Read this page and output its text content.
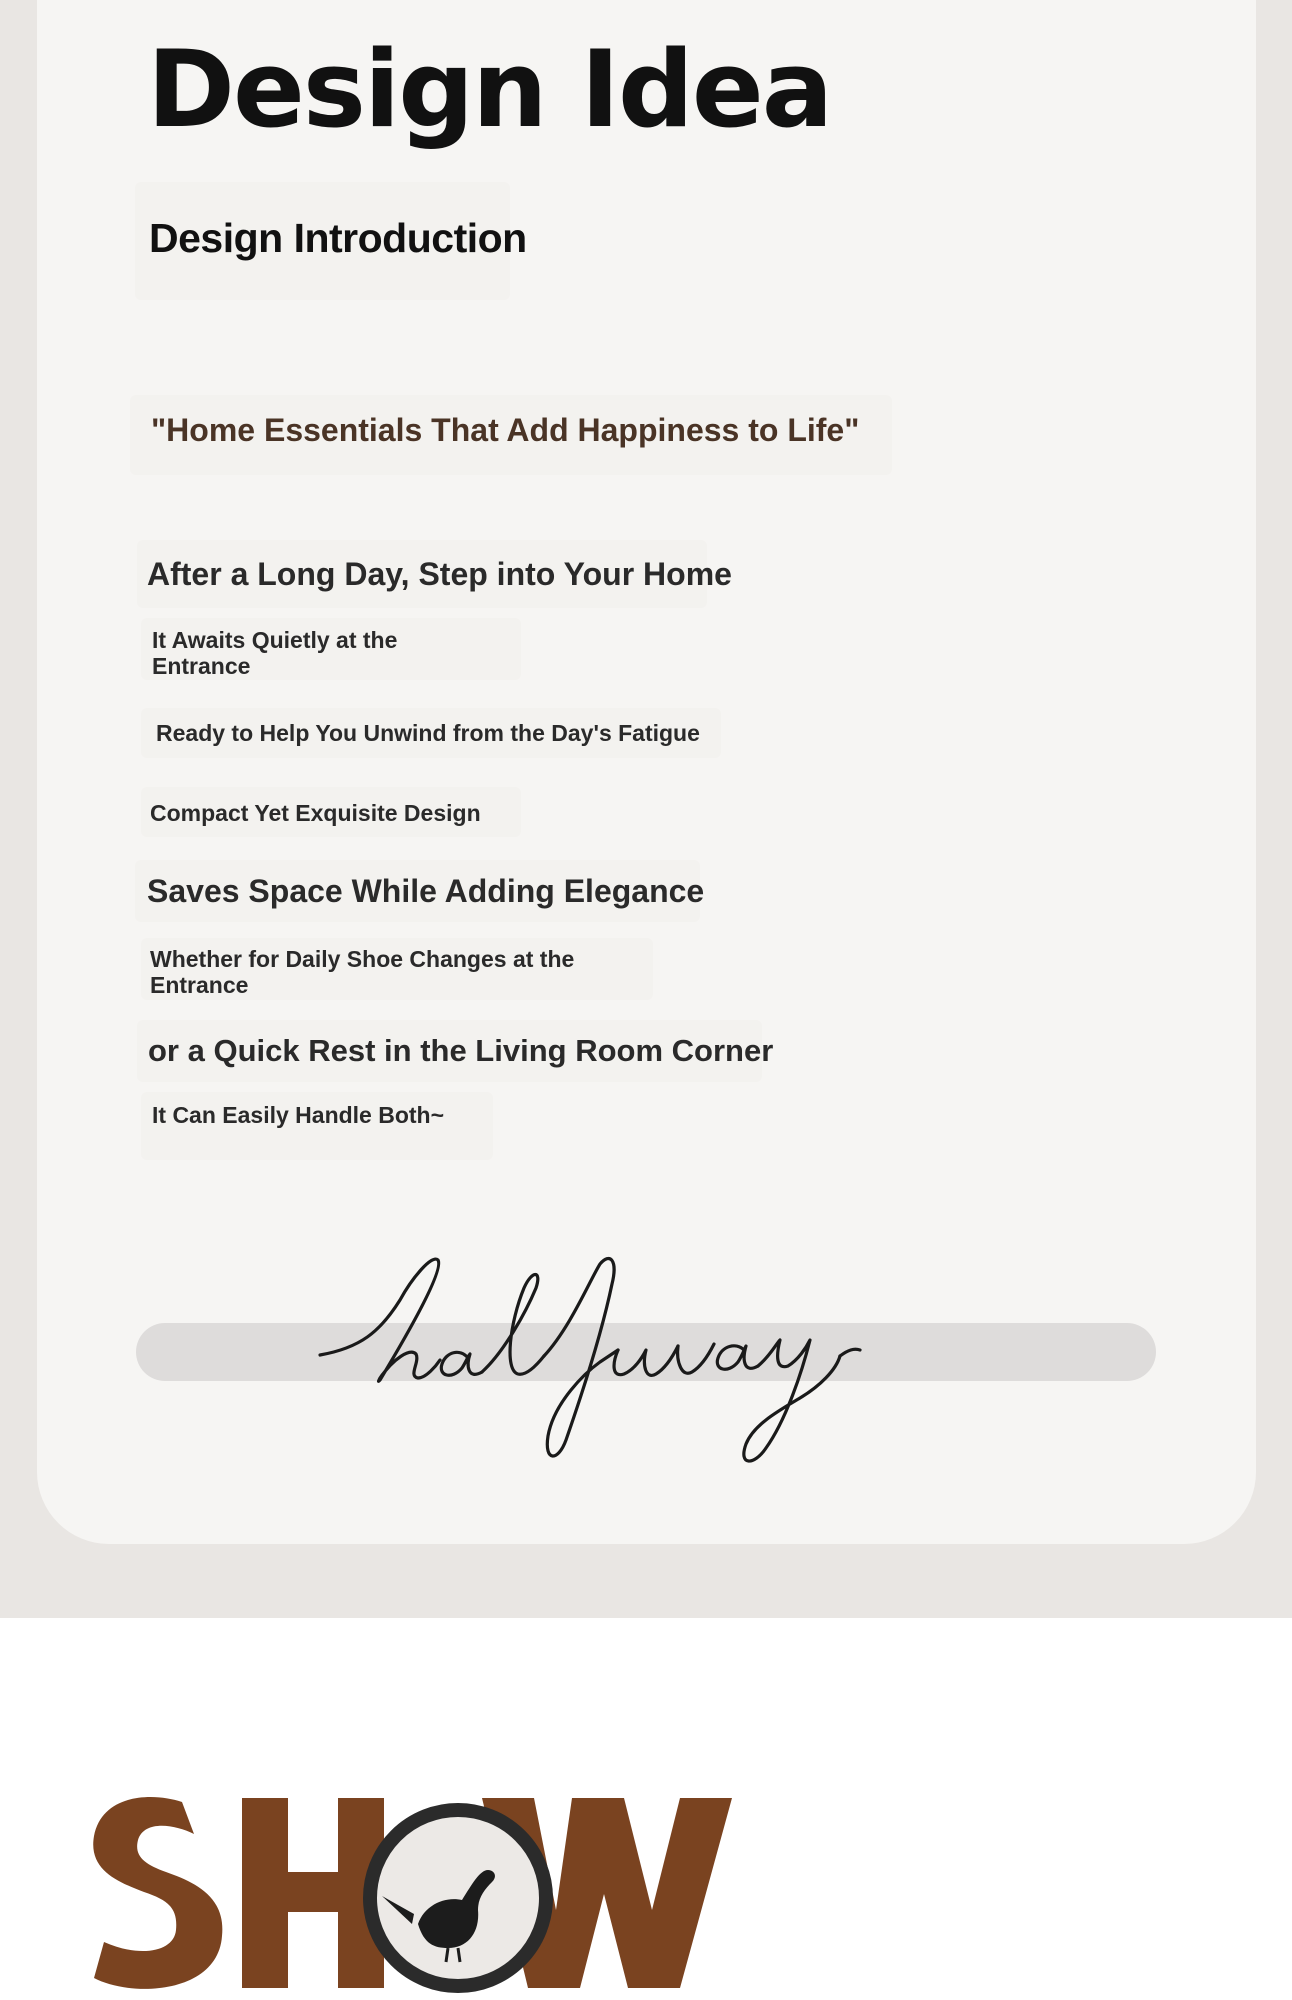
Design Idea
Design Introduction

"Home Essentials That Add Happiness to Life"

After a Long Day, Step into Your Home

It Awaits Quietly at the Entrance

Ready to Help You Unwind from the Day's Fatigue

Compact Yet Exquisite Design

Saves Space While Adding Elegance

Whether for Daily Shoe Changes at the Entrance

or a Quick Rest in the Living Room Corner

It Can Easily Handle Both~
